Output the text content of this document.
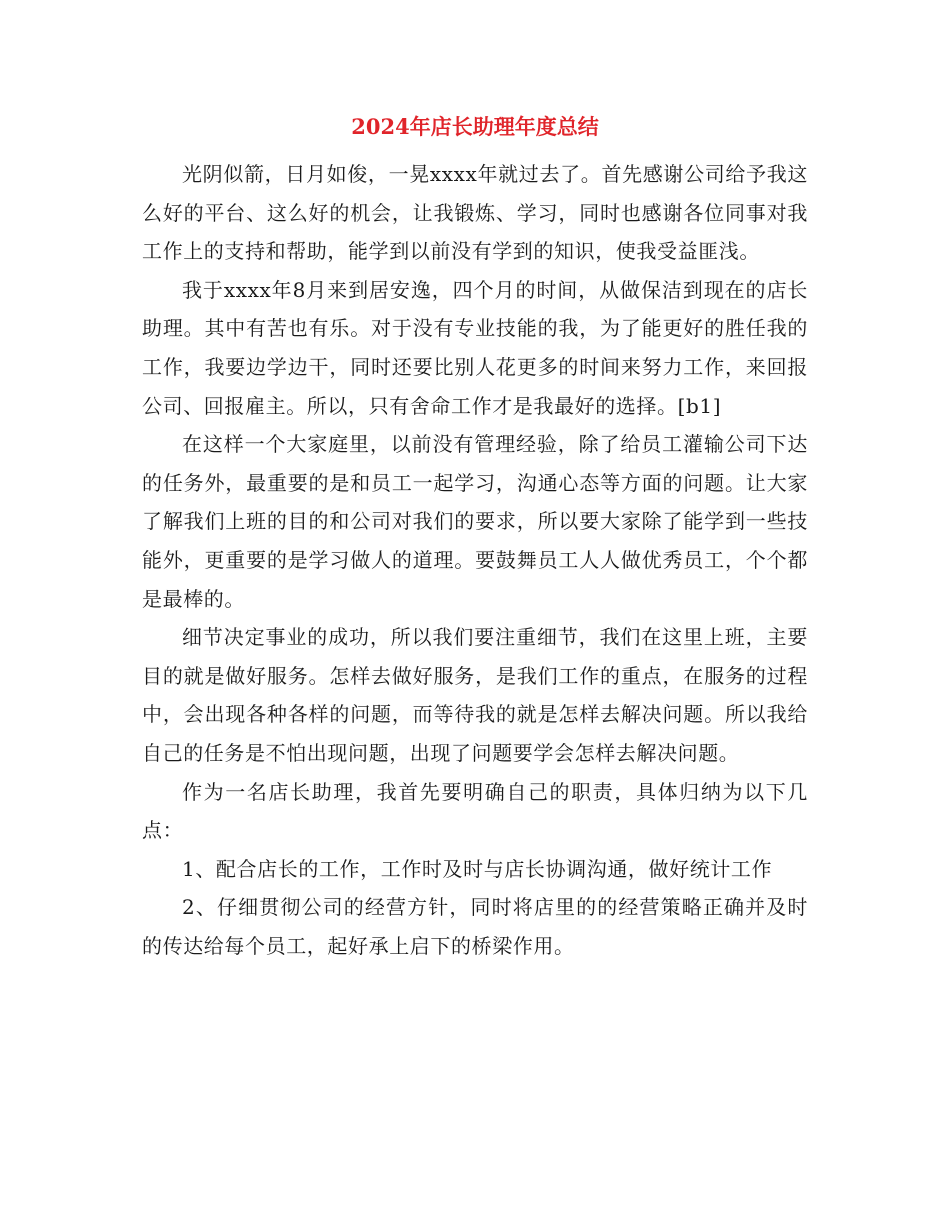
2024年店长助理年度总结

光阴似箭，日月如俊，一晃xxxx年就过去了。首先感谢公司给予我这么好的平台、这么好的机会，让我锻炼、学习，同时也感谢各位同事对我工作上的支持和帮助，能学到以前没有学到的知识，使我受益匪浅。

我于xxxx年8月来到居安逸，四个月的时间，从做保洁到现在的店长助理。其中有苦也有乐。对于没有专业技能的我，为了能更好的胜任我的工作，我要边学边干，同时还要比别人花更多的时间来努力工作，来回报公司、回报雇主。所以，只有舍命工作才是我最好的选择。[b1]

在这样一个大家庭里，以前没有管理经验，除了给员工灌输公司下达的任务外，最重要的是和员工一起学习，沟通心态等方面的问题。让大家了解我们上班的目的和公司对我们的要求，所以要大家除了能学到一些技能外，更重要的是学习做人的道理。要鼓舞员工人人做优秀员工，个个都是最棒的。

细节决定事业的成功，所以我们要注重细节，我们在这里上班，主要目的就是做好服务。怎样去做好服务，是我们工作的重点，在服务的过程中，会出现各种各样的问题，而等待我的就是怎样去解决问题。所以我给自己的任务是不怕出现问题，出现了问题要学会怎样去解决问题。

作为一名店长助理，我首先要明确自己的职责，具体归纳为以下几点：

1、配合店长的工作，工作时及时与店长协调沟通，做好统计工作

2、仔细贯彻公司的经营方针，同时将店里的的经营策略正确并及时的传达给每个员工，起好承上启下的桥梁作用。
